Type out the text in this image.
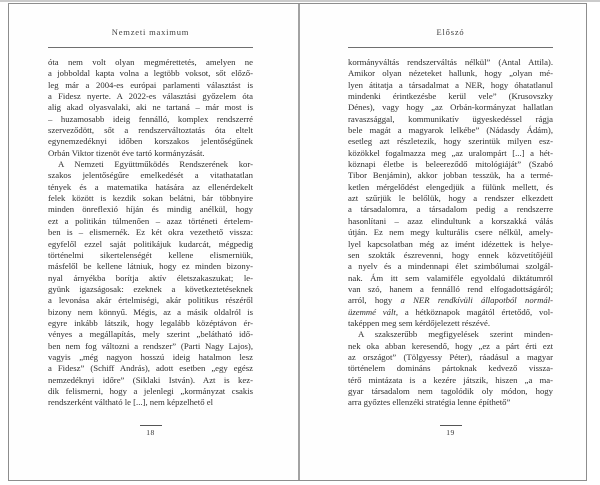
Nemzeti maximum
óta nem volt olyan megmérettetés, amelyen ne
a jobboldal kapta volna a legtöbb voksot, sőt előző-
leg már a 2004-es európai parlamenti választást is
a Fidesz nyerte. A 2022-es választási győzelem óta
alig akad olyasvalaki, aki ne tartaná – már most is
– huzamosabb ideig fennálló, komplex rendszerré
szerveződött, sőt a rendszerváltoztatás óta eltelt
egynemzedéknyi időben korszakos jelentőségűnek
Orbán Viktor tizenöt éve tartó kormányzását.
A Nemzeti Együttműködés Rendszerének kor-
szakos jelentőségűre emelkedését a vitathatatlan
tények és a matematika hatására az ellenérdekelt
felek között is kezdik sokan belátni, bár többnyire
minden önreflexió híján és mindig anélkül, hogy
ezt a politikán túlmenően – azaz történeti értelem-
ben is – elismernék. Ez két okra vezethető vissza:
egyfelől ezzel saját politikájuk kudarcát, mégpedig
történelmi sikertelenségét kellene elismerniük,
másfelől be kellene látniuk, hogy ez minden bizony-
nyal árnyékba borítja aktív életszakaszukat; le-
gyünk igazságosak: ezeknek a következtetéseknek
a levonása akár értelmiségi, akár politikus részéről
bizony nem könnyű. Mégis, az a másik oldalról is
egyre inkább látszik, hogy legalább középtávon ér-
vényes a megállapítás, mely szerint „belátható idő-
ben nem fog változni a rendszer” (Parti Nagy Lajos),
vagyis „még nagyon hosszú ideig hatalmon lesz
a Fidesz” (Schiff András), adott esetben „egy egész
nemzedéknyi időre” (Siklaki István). Azt is kez-
dik felismerni, hogy a jelenlegi „kormányzat csakis
rendszerként váltható le [...], nem képzelhető el
18
Előszó
kormányváltás rendszerváltás nélkül” (Antal Attila).
Amikor olyan nézeteket hallunk, hogy „olyan mé-
lyen átitatja a társadalmat a NER, hogy óhatatlanul
mindenki érintkezésbe kerül vele” (Krusovszky
Dénes), vagy hogy „az Orbán-kormányzat hallatlan
ravaszsággal, kommunikatív ügyeskedéssel rágja
bele magát a magyarok lelkébe” (Nádasdy Ádám),
esetleg azt részletezik, hogy szerintük milyen esz-
közökkel fogalmazza meg „az uralompárt [...] a hét-
köznapi életbe is beleereződő mitológiáját” (Szabó
Tibor Benjámin), akkor jobban tesszük, ha a termé-
ketlen mérgelődést elengedjük a fülünk mellett, és
azt szűrjük le belőlük, hogy a rendszer elkezdett
a társadalomra, a társadalom pedig a rendszerre
hasonlítani – azaz elindultunk a korszakká válás
útján. Ez nem megy kulturális csere nélkül, amely-
lyel kapcsolatban még az imént idézettek is helye-
sen szokták észrevenni, hogy ennek közvetítőjéül
a nyelv és a mindennapi élet szimbólumai szolgál-
nak. Ám itt sem valamiféle egyoldalú diktátumról
van szó, hanem a fennálló rend elfogadottságáról;
arról, hogy a NER rendkívüli állapotból normál-
üzemmé vált, a hétköznapok magától értetődő, vol-
taképpen meg sem kérdőjelezett részévé.
A szakszerűbb megfigyelések szerint minden-
nek oka abban keresendő, hogy „ez a párt érti ezt
az országot” (Tölgyessy Péter), ráadásul a magyar
történelem domináns pártoknak kedvező vissza-
térő mintázata is a kezére játszik, hiszen „a ma-
gyar társadalom nem tagolódik oly módon, hogy
arra győztes ellenzéki stratégia lenne építhető”
19
